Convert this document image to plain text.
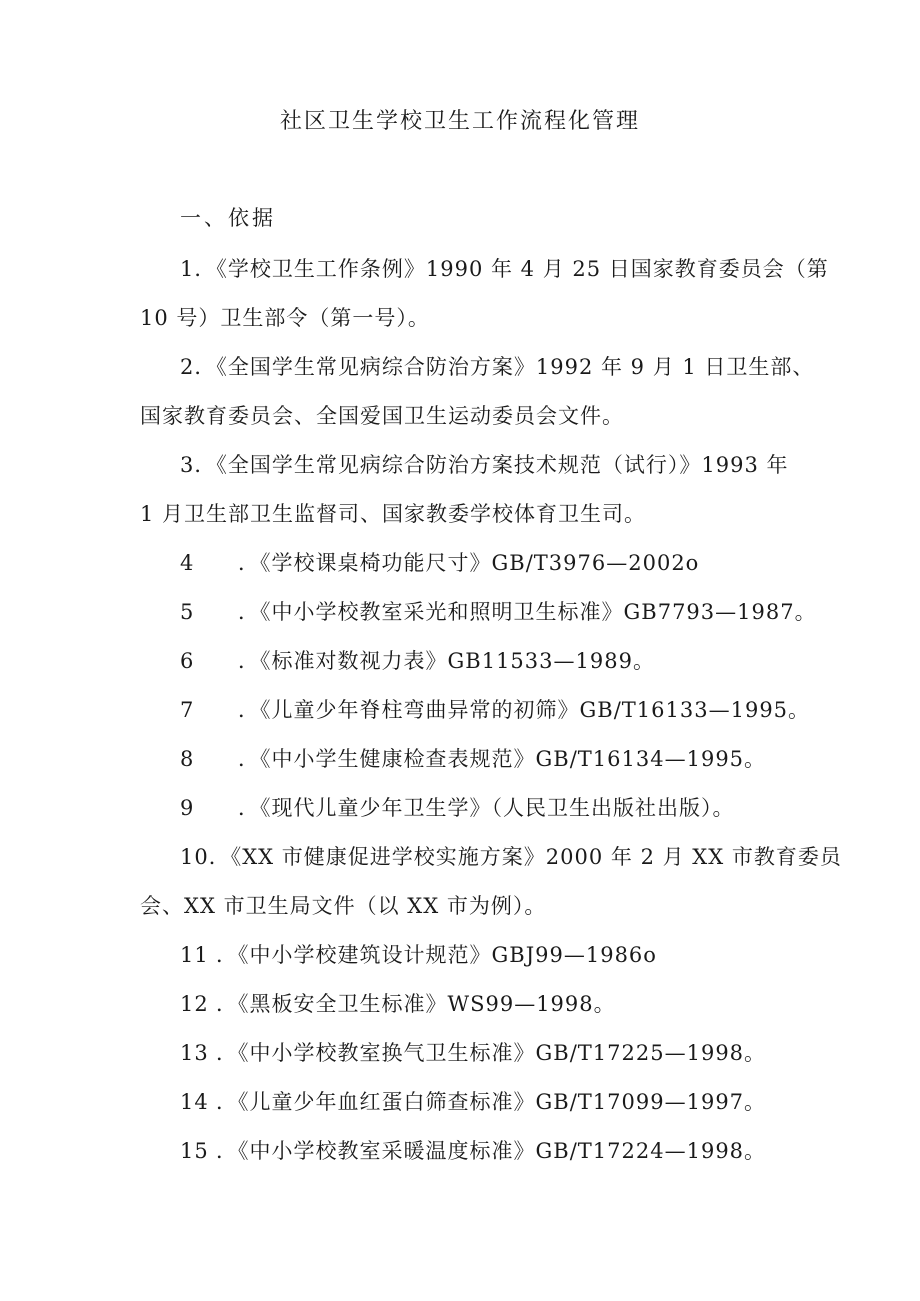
社区卫生学校卫生工作流程化管理
一、依据
1．《学校卫生工作条例》1990 年 4 月 25 日国家教育委员会（第
10 号）卫生部令（第一号）。
2．《全国学生常见病综合防治方案》1992 年 9 月 1 日卫生部、
国家教育委员会、全国爱国卫生运动委员会文件。
3．《全国学生常见病综合防治方案技术规范（试行）》1993 年
1 月卫生部卫生监督司、国家教委学校体育卫生司。
4 ．《学校课桌椅功能尺寸》GB/T3976—2002o
5 ．《中小学校教室采光和照明卫生标准》GB7793—1987。
6 ．《标准对数视力表》GB11533—1989。
7 ．《儿童少年脊柱弯曲异常的初筛》GB/T16133—1995。
8 ．《中小学生健康检查表规范》GB/T16134—1995。
9 ．《现代儿童少年卫生学》（人民卫生出版社出版）。
10．《XX 市健康促进学校实施方案》2000 年 2 月 XX 市教育委员
会、XX 市卫生局文件（以 XX 市为例）。
11 ．《中小学校建筑设计规范》GBJ99—1986o
12 ．《黑板安全卫生标准》WS99—1998。
13 ．《中小学校教室换气卫生标准》GB/T17225—1998。
14 ．《儿童少年血红蛋白筛查标准》GB/T17099—1997。
15 ．《中小学校教室采暖温度标准》GB/T17224—1998。
